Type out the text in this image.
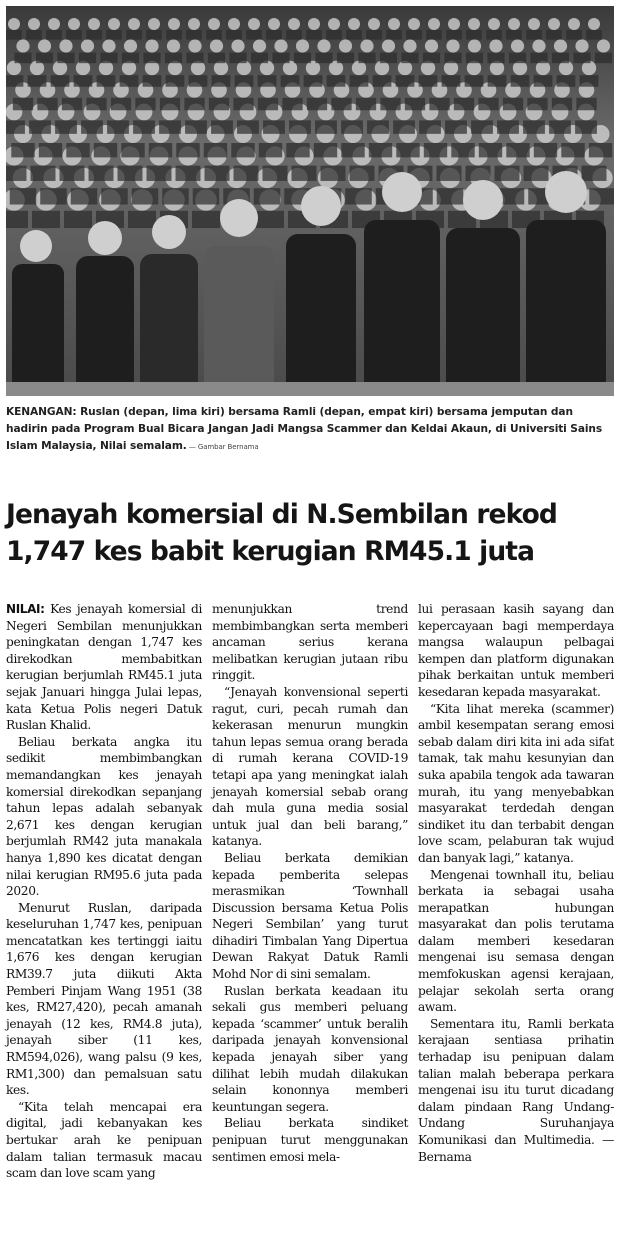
KENANGAN: Ruslan (depan, lima kiri) bersama Ramli (depan, empat kiri) bersama jemputan dan hadirin pada Program Bual Bicara Jangan Jadi Mangsa Scammer dan Keldai Akaun, di Universiti Sains Islam Malaysia, Nilai semalam. — Gambar Bernama
Jenayah komersial di N.Sembilan rekod 1,747 kes babit kerugian RM45.1 juta

NILAI: Kes jenayah komersial di Negeri Sembilan menunjukkan peningkatan dengan 1,747 kes direkodkan membabitkan kerugian berjumlah RM45.1 juta sejak Januari hingga Julai lepas, kata Ketua Polis negeri Datuk Ruslan Khalid.

Beliau berkata angka itu sedikit membimbangkan memandangkan kes jenayah komersial direkodkan sepanjang tahun lepas adalah sebanyak 2,671 kes dengan kerugian berjumlah RM42 juta manakala hanya 1,890 kes dicatat dengan nilai kerugian RM95.6 juta pada 2020.

Menurut Ruslan, daripada keseluruhan 1,747 kes, penipuan mencatatkan kes tertinggi iaitu 1,676 kes dengan kerugian RM39.7 juta diikuti Akta Pemberi Pinjam Wang 1951 (38 kes, RM27,420), pecah amanah jenayah (12 kes, RM4.8 juta), jenayah siber (11 kes, RM594,026), wang palsu (9 kes, RM1,300) dan pemalsuan satu kes.

“Kita telah mencapai era digital, jadi kebanyakan kes bertukar arah ke penipuan dalam talian termasuk macau scam dan love scam yang

menunjukkan trend membimbangkan serta memberi ancaman serius kerana melibatkan kerugian jutaan ribu ringgit.

“Jenayah konvensional seperti ragut, curi, pecah rumah dan kekerasan menurun mungkin tahun lepas semua orang berada di rumah kerana COVID-19 tetapi apa yang meningkat ialah jenayah komersial sebab orang dah mula guna media sosial untuk jual dan beli barang,” katanya.

Beliau berkata demikian kepada pemberita selepas merasmikan ‘Townhall Discussion bersama Ketua Polis Negeri Sembilan’ yang turut dihadiri Timbalan Yang Dipertua Dewan Rakyat Datuk Ramli Mohd Nor di sini semalam.

Ruslan berkata keadaan itu sekali gus memberi peluang kepada ‘scammer’ untuk beralih daripada jenayah konvensional kepada jenayah siber yang dilihat lebih mudah dilakukan selain kononnya memberi keuntungan segera.

Beliau berkata sindiket penipuan turut menggunakan sentimen emosi mela-

lui perasaan kasih sayang dan kepercayaan bagi memperdaya mangsa walaupun pelbagai kempen dan platform digunakan pihak berkaitan untuk memberi kesedaran kepada masyarakat.

“Kita lihat mereka (scammer) ambil kesempatan serang emosi sebab dalam diri kita ini ada sifat tamak, tak mahu kesunyian dan suka apabila tengok ada tawaran murah, itu yang menyebabkan masyarakat terdedah dengan sindiket itu dan terbabit dengan love scam, pelaburan tak wujud dan banyak lagi,” katanya.

Mengenai townhall itu, beliau berkata ia sebagai usaha merapatkan hubungan masyarakat dan polis terutama dalam memberi kesedaran mengenai isu semasa dengan memfokuskan agensi kerajaan, pelajar sekolah serta orang awam.

Sementara itu, Ramli berkata kerajaan sentiasa prihatin terhadap isu penipuan dalam talian malah beberapa perkara mengenai isu itu turut dicadang dalam pindaan Rang Undang-Undang Suruhanjaya Komunikasi dan Multimedia. — Bernama
